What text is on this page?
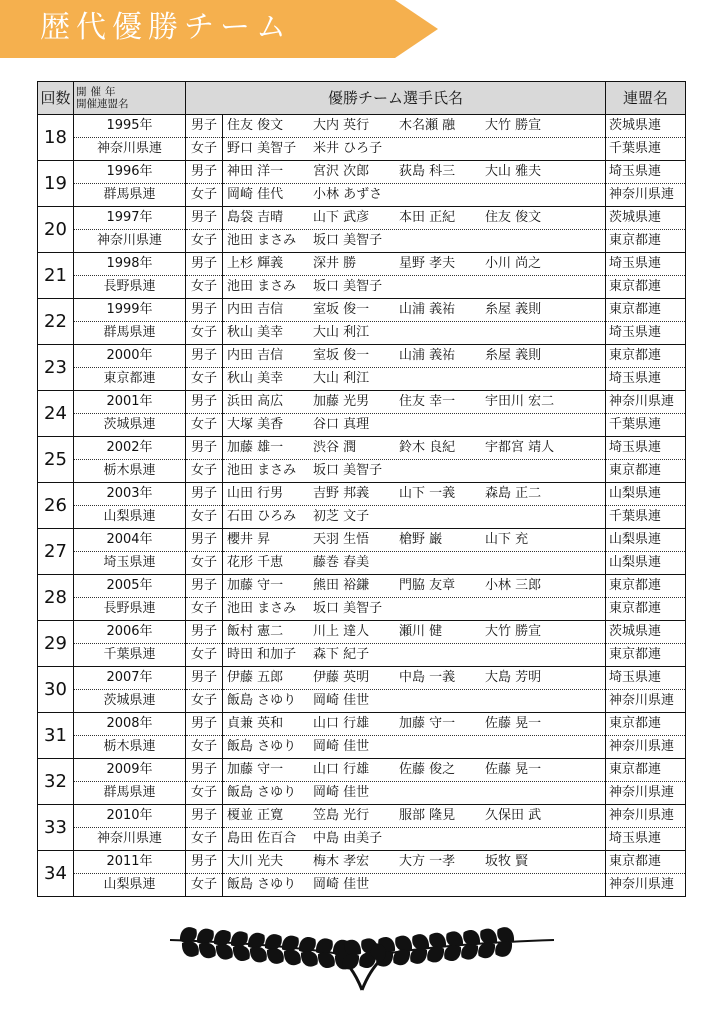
歴代優勝チーム
回数	開催年
開催連盟名	優勝チーム選手氏名		連盟名
18	1995年	男子	住友 俊文 大内 英行 木名瀬 融 大竹 勝宣	茨城県連
	神奈川県連	女子	野口 美智子 米井 ひろ子	千葉県連
19	1996年	男子	神田 洋一 宮沢 次郎 荻島 科三 大山 雅夫	埼玉県連
	群馬県連	女子	岡崎 佳代 小林 あずさ	神奈川県連
20	1997年	男子	島袋 吉晴 山下 武彦 本田 正紀 住友 俊文	茨城県連
	神奈川県連	女子	池田 まさみ 坂口 美智子	東京都連
21	1998年	男子	上杉 輝義 深井 勝 星野 孝夫 小川 尚之	埼玉県連
	長野県連	女子	池田 まさみ 坂口 美智子	東京都連
22	1999年	男子	内田 吉信 室坂 俊一 山浦 義祐 糸屋 義則	東京都連
	群馬県連	女子	秋山 美幸 大山 利江	埼玉県連
23	2000年	男子	内田 吉信 室坂 俊一 山浦 義祐 糸屋 義則	東京都連
	東京都連	女子	秋山 美幸 大山 利江	埼玉県連
24	2001年	男子	浜田 高広 加藤 光男 住友 幸一 宇田川 宏二	神奈川県連
	茨城県連	女子	大塚 美香 谷口 真理	千葉県連
25	2002年	男子	加藤 雄一 渋谷 潤 鈴木 良紀 宇都宮 靖人	埼玉県連
	栃木県連	女子	池田 まさみ 坂口 美智子	東京都連
26	2003年	男子	山田 行男 吉野 邦義 山下 一義 森島 正二	山梨県連
	山梨県連	女子	石田 ひろみ 初芝 文子	千葉県連
27	2004年	男子	櫻井 昇 天羽 生悟 槍野 巌 山下 充	山梨県連
	埼玉県連	女子	花形 千恵 藤巻 春美	山梨県連
28	2005年	男子	加藤 守一 熊田 裕鎌 門脇 友章 小林 三郎	東京都連
	長野県連	女子	池田 まさみ 坂口 美智子	東京都連
29	2006年	男子	飯村 憲二 川上 達人 瀬川 健 大竹 勝宣	茨城県連
	千葉県連	女子	時田 和加子 森下 紀子	東京都連
30	2007年	男子	伊藤 五郎 伊藤 英明 中島 一義 大島 芳明	埼玉県連
	茨城県連	女子	飯島 さゆり 岡崎 佳世	神奈川県連
31	2008年	男子	貞兼 英和 山口 行雄 加藤 守一 佐藤 晃一	東京都連
	栃木県連	女子	飯島 さゆり 岡崎 佳世	神奈川県連
32	2009年	男子	加藤 守一 山口 行雄 佐藤 俊之 佐藤 晃一	東京都連
	群馬県連	女子	飯島 さゆり 岡崎 佳世	神奈川県連
33	2010年	男子	榎並 正寛 笠島 光行 服部 隆見 久保田 武	神奈川県連
	神奈川県連	女子	島田 佐百合 中島 由美子	埼玉県連
34	2011年	男子	大川 光夫 梅木 孝宏 大方 一孝 坂牧 賢	東京都連
	山梨県連	女子	飯島 さゆり 岡崎 佳世	神奈川県連
